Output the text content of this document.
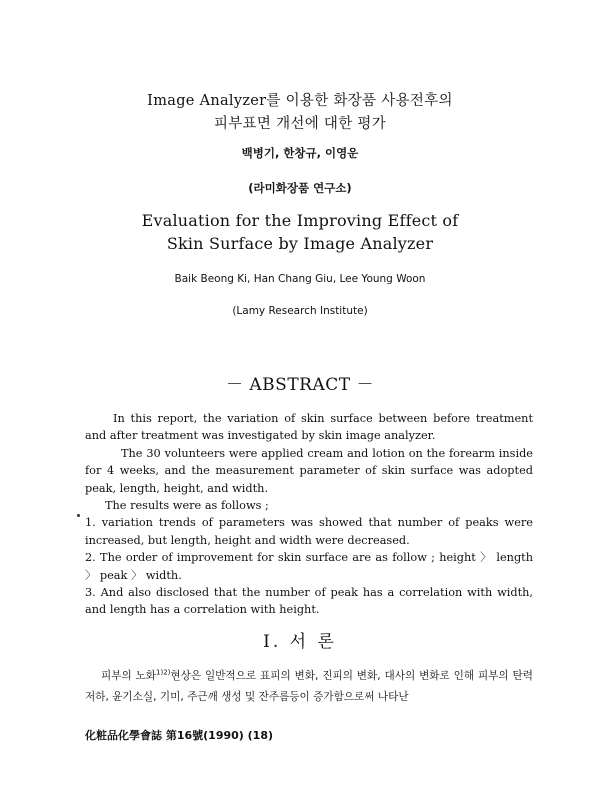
Image Analyzer를 이용한 화장품 사용전후의
피부표면 개선에 대한 평가
백병기, 한창규, 이영운
(라미화장품 연구소)
Evaluation for the Improving Effect of
Skin Surface by Image Analyzer
Baik Beong Ki, Han Chang Giu, Lee Young Woon
(Lamy Research Institute)
－ ABSTRACT －

In this report, the variation of skin surface between before treatment and after treatment was investigated by skin image analyzer.

The 30 volunteers were applied cream and lotion on the forearm inside for 4 weeks, and the measurement parameter of skin surface was adopted peak, length, height, and width.

The results were as follows ;

1. variation trends of parameters was showed that number of peaks were increased, but length, height and width were decreased.

2. The order of improvement for skin surface are as follow ; height 〉 length 〉 peak 〉 width.

3. And also disclosed that the number of peak has a correlation with width, and length has a correlation with height.

Ⅰ. 서 론

피부의 노화$^{1)2)}$현상은 일반적으로 표피의 변화, 진피의 변화, 대사의 변화로 인해 피부의 탄력저하, 윤기소실, 기미, 주근깨 생성 및 잔주름등이 증가함으로써 나타난

化粧品化學會誌 第16號(1990) (18)
